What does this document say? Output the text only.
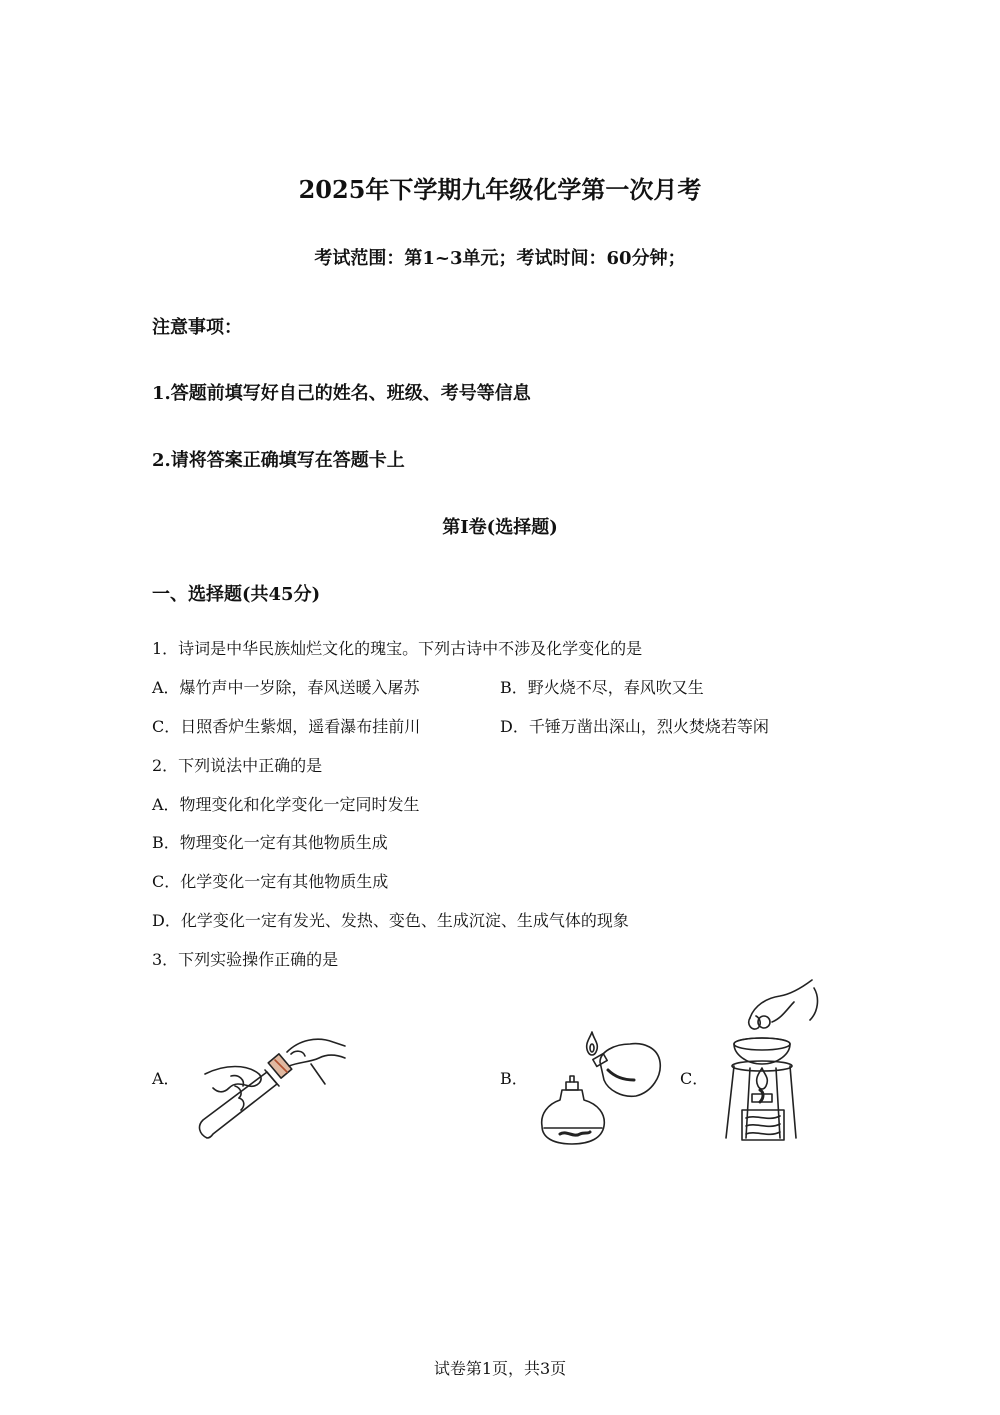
2025年下学期九年级化学第一次月考
考试范围：第1~3单元；考试时间：60分钟；
注意事项：
1.答题前填写好自己的姓名、班级、考号等信息
2.请将答案正确填写在答题卡上
第I卷(选择题)
一、选择题(共45分)
1．诗词是中华民族灿烂文化的瑰宝。下列古诗中不涉及化学变化的是
A．爆竹声中一岁除，春风送暖入屠苏	B．野火烧不尽，春风吹又生
C．日照香炉生紫烟，遥看瀑布挂前川	D．千锤万凿出深山，烈火焚烧若等闲
2．下列说法中正确的是
A．物理变化和化学变化一定同时发生
B．物理变化一定有其他物质生成
C．化学变化一定有其他物质生成
D．化学变化一定有发光、发热、变色、生成沉淀、生成气体的现象
3．下列实验操作正确的是
A．	B．	C．
试卷第1页，共3页
